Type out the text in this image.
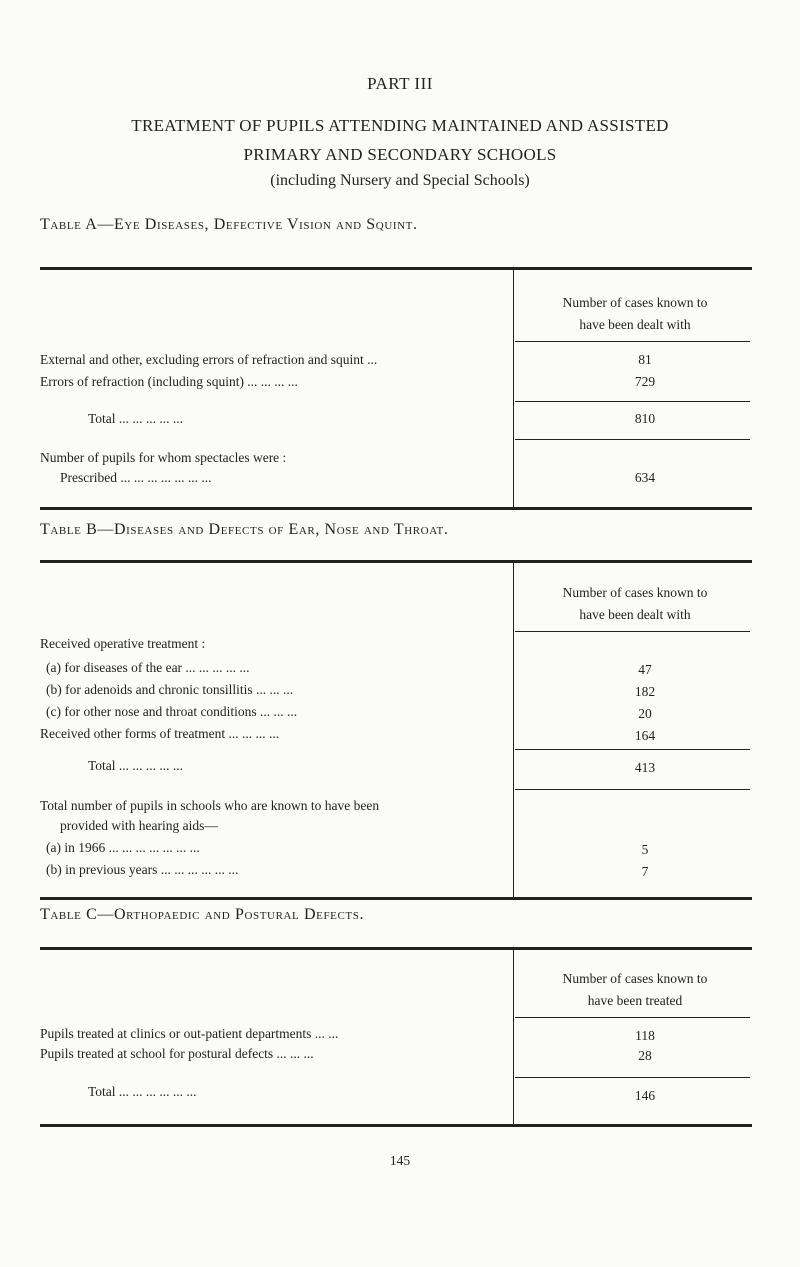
PART III
TREATMENT OF PUPILS ATTENDING MAINTAINED AND ASSISTED
PRIMARY AND SECONDARY SCHOOLS
(including Nursery and Special Schools)
Table A—Eye Diseases, Defective Vision and Squint.
Number of cases known to
have been dealt with
External and other, excluding errors of refraction and squint ...	81
Errors of refraction (including squint) ... ... ... ...	729
Total ... ... ... ... ...	810
Number of pupils for whom spectacles were :
Prescribed ... ... ... ... ... ... ...	634
Table B—Diseases and Defects of Ear, Nose and Throat.
Number of cases known to
have been dealt with
Received operative treatment :
(a) for diseases of the ear ... ... ... ... ...	47
(b) for adenoids and chronic tonsillitis ... ... ...	182
(c) for other nose and throat conditions ... ... ...	20
Received other forms of treatment ... ... ... ...	164
Total ... ... ... ... ...	413
Total number of pupils in schools who are known to have been
provided with hearing aids—
(a) in 1966 ... ... ... ... ... ... ...	5
(b) in previous years ... ... ... ... ... ...	7
Table C—Orthopaedic and Postural Defects.
Number of cases known to
have been treated
Pupils treated at clinics or out-patient departments ... ...	118
Pupils treated at school for postural defects ... ... ...	28
Total ... ... ... ... ... ...	146
145
